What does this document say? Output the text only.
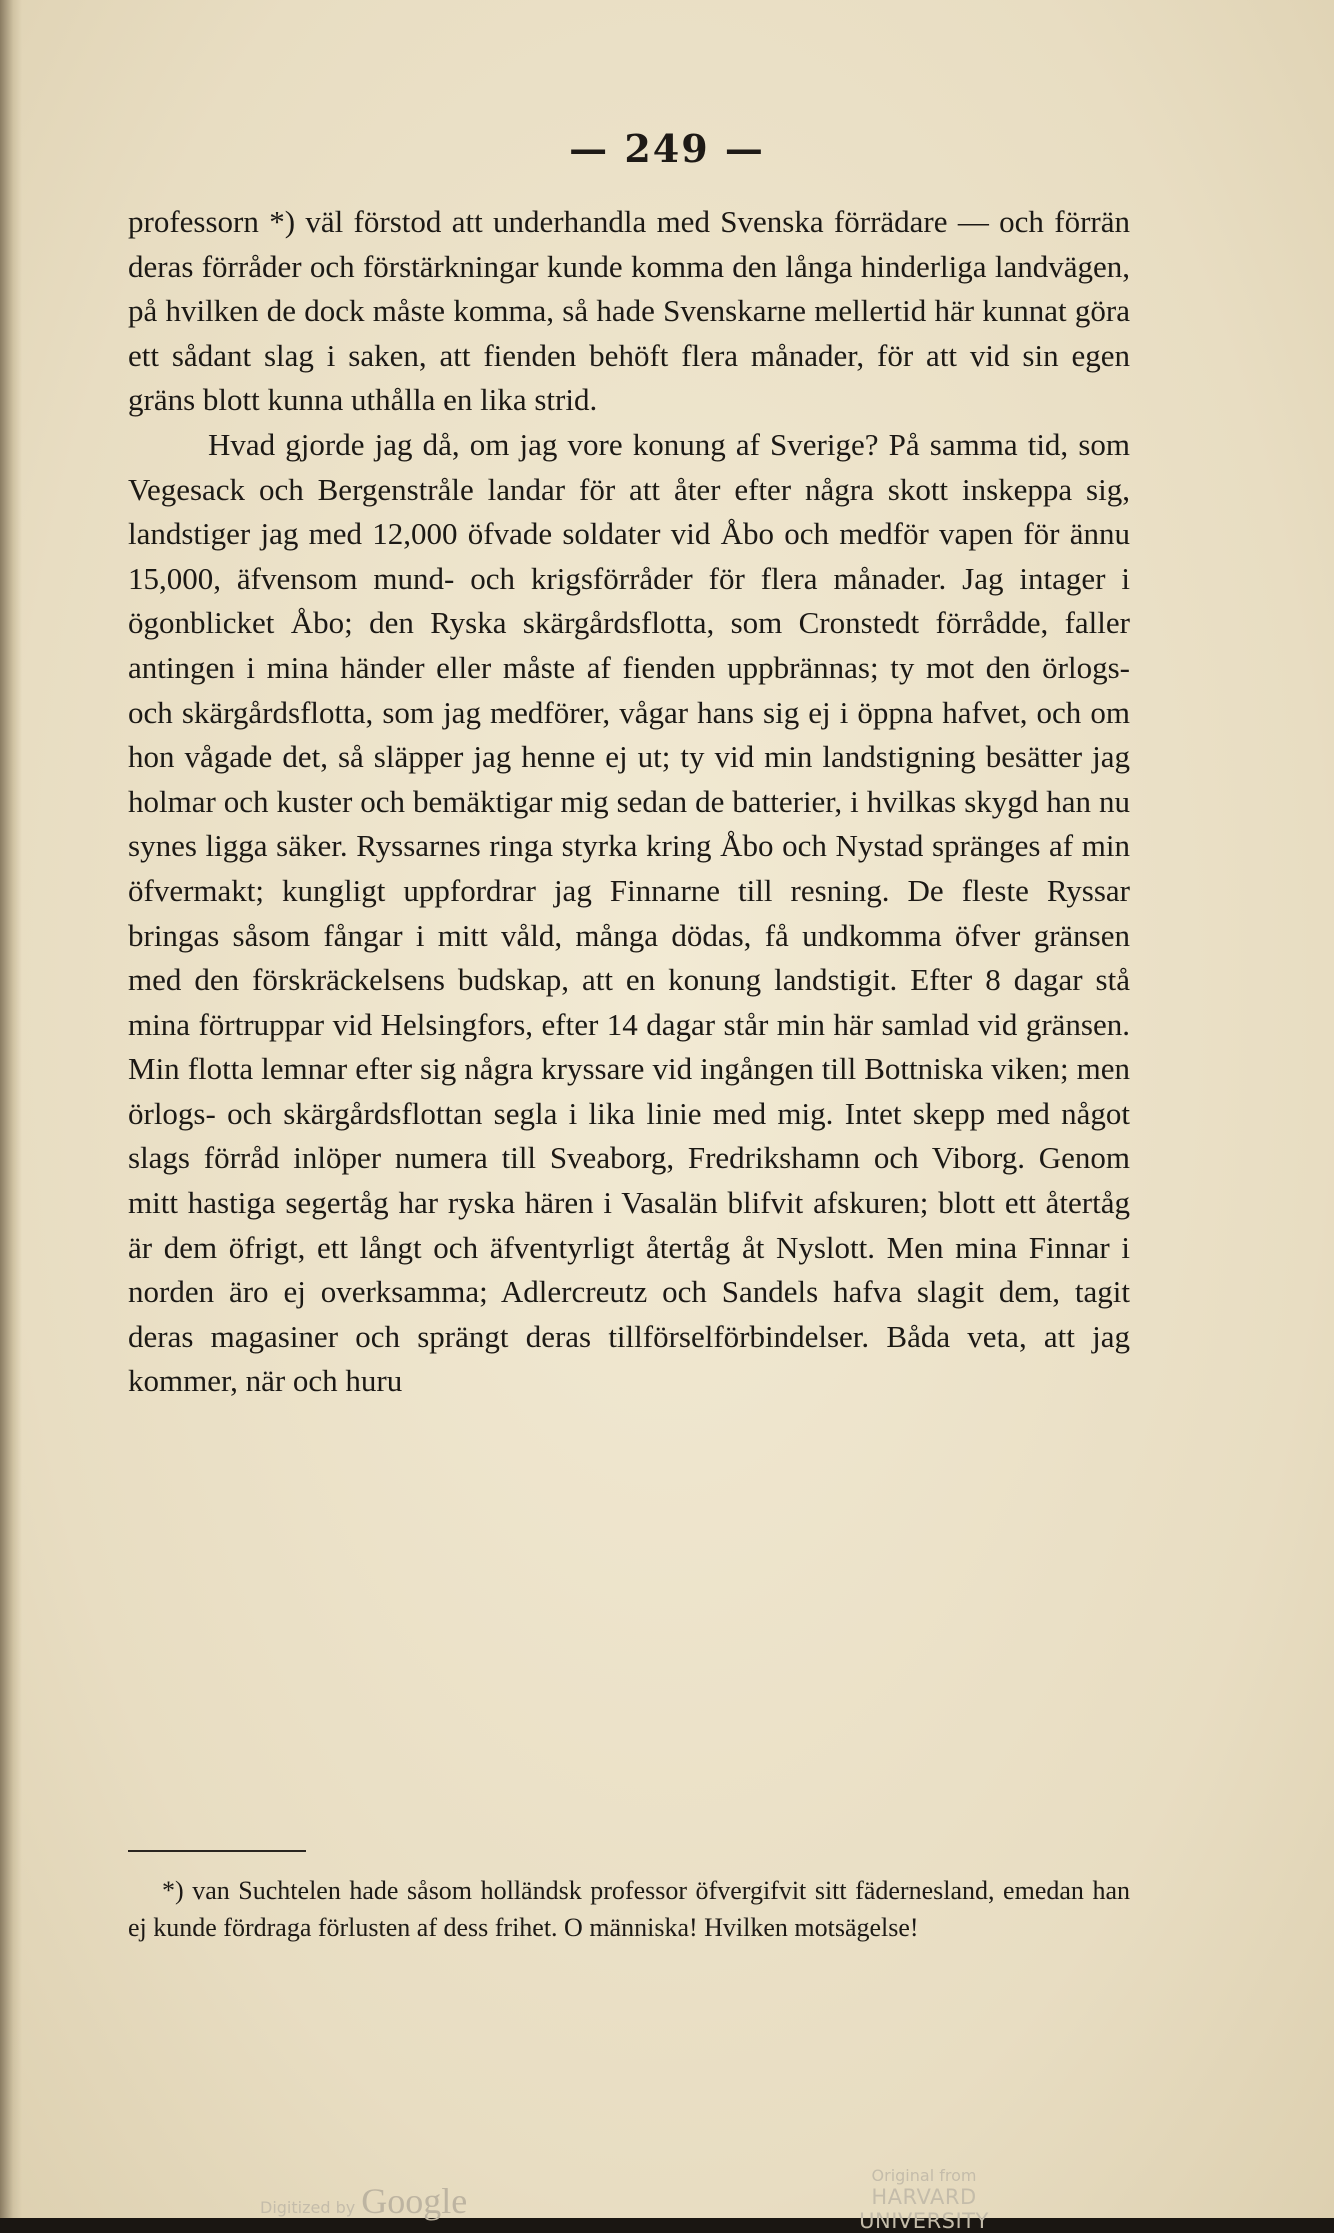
— 249 —

professorn *) väl förstod att underhandla med Svenska förrädare — och förrän deras förråder och förstärkningar kunde komma den långa hinderliga landvägen, på hvilken de dock måste komma, så hade Svenskarne mellertid här kunnat göra ett sådant slag i saken, att fienden behöft flera månader, för att vid sin egen gräns blott kunna uthålla en lika strid.

Hvad gjorde jag då, om jag vore konung af Sverige? På samma tid, som Vegesack och Bergenstråle landar för att åter efter några skott inskeppa sig, landstiger jag med 12,000 öfvade soldater vid Åbo och medför vapen för ännu 15,000, äfvensom mund- och krigsförråder för flera månader. Jag intager i ögonblicket Åbo; den Ryska skärgårdsflotta, som Cronstedt förrådde, faller antingen i mina händer eller måste af fienden uppbrännas; ty mot den örlogs- och skärgårdsflotta, som jag medförer, vågar hans sig ej i öppna hafvet, och om hon vågade det, så släpper jag henne ej ut; ty vid min landstigning besätter jag holmar och kuster och bemäktigar mig sedan de batterier, i hvilkas skygd han nu synes ligga säker. Ryssarnes ringa styrka kring Åbo och Nystad spränges af min öfvermakt; kungligt uppfordrar jag Finnarne till resning. De fleste Ryssar bringas såsom fångar i mitt våld, många dödas, få undkomma öfver gränsen med den förskräckelsens budskap, att en konung landstigit. Efter 8 dagar stå mina förtruppar vid Helsingfors, efter 14 dagar står min här samlad vid gränsen. Min flotta lemnar efter sig några kryssare vid ingången till Bottniska viken; men örlogs- och skärgårdsflottan segla i lika linie med mig. Intet skepp med något slags förråd inlöper numera till Sveaborg, Fredrikshamn och Viborg. Genom mitt hastiga segertåg har ryska hären i Vasalän blifvit afskuren; blott ett återtåg är dem öfrigt, ett långt och äfventyrligt återtåg åt Nyslott. Men mina Finnar i norden äro ej overksamma; Adlercreutz och Sandels hafva slagit dem, tagit deras magasiner och sprängt deras tillförselförbindelser. Båda veta, att jag kommer, när och huru

*) van Suchtelen hade såsom holländsk professor öfvergifvit sitt fädernesland, emedan han ej kunde fördraga förlusten af dess frihet. O människa! Hvilken motsägelse!

Digitized by Google
Original from
HARVARD UNIVERSITY
